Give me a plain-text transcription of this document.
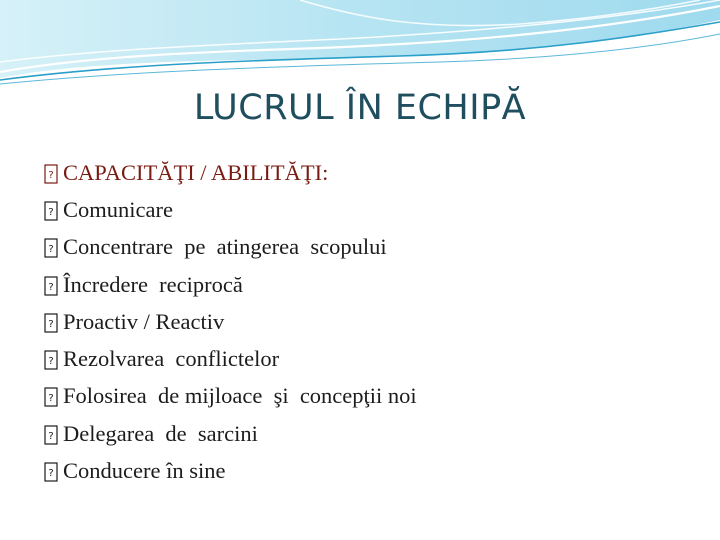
LUCRUL ÎN ECHIPĂ
? CAPACITĂŢI / ABILITĂŢI:
? Comunicare
? Concentrare  pe  atingerea  scopului
? Încredere  reciprocă
? Proactiv / Reactiv
? Rezolvarea  conflictelor
? Folosirea  de mijloace  şi  concepţii noi
? Delegarea  de  sarcini
? Conducere în sine
